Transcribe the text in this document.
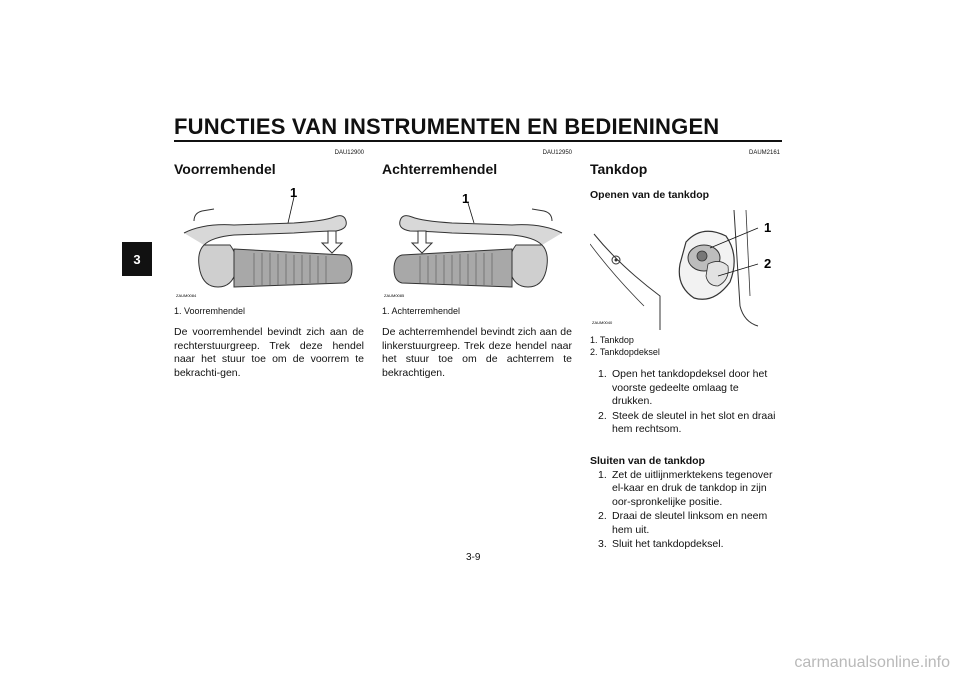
FUNCTIES VAN INSTRUMENTEN EN BEDIENINGEN
3
DAU12900
Voorremhendel
1
ZAUM0084
1. Voorremhendel

De voorremhendel bevindt zich aan de rechterstuurgreep. Trek deze hendel naar het stuur toe om de voorrem te bekrachti-gen.

DAU12950
Achterremhendel
1
ZAUM0085
1. Achterremhendel

De achterremhendel bevindt zich aan de linkerstuurgreep. Trek deze hendel naar het stuur toe om de achterrem te bekrachtigen.

DAUM2161
Tankdop
Openen van de tankdop
1
2
ZAUM0040
1. Tankdop
2. Tankdopdeksel
1. Open het tankdopdeksel door het voorste gedeelte omlaag te drukken.
2. Steek de sleutel in het slot en draai hem rechtsom.
Sluiten van de tankdop
1. Zet de uitlijnmerktekens tegenover el-kaar en druk de tankdop in zijn oor-spronkelijke positie.
2. Draai de sleutel linksom en neem hem uit.
3. Sluit het tankdopdeksel.
3-9
carmanualsonline.info
